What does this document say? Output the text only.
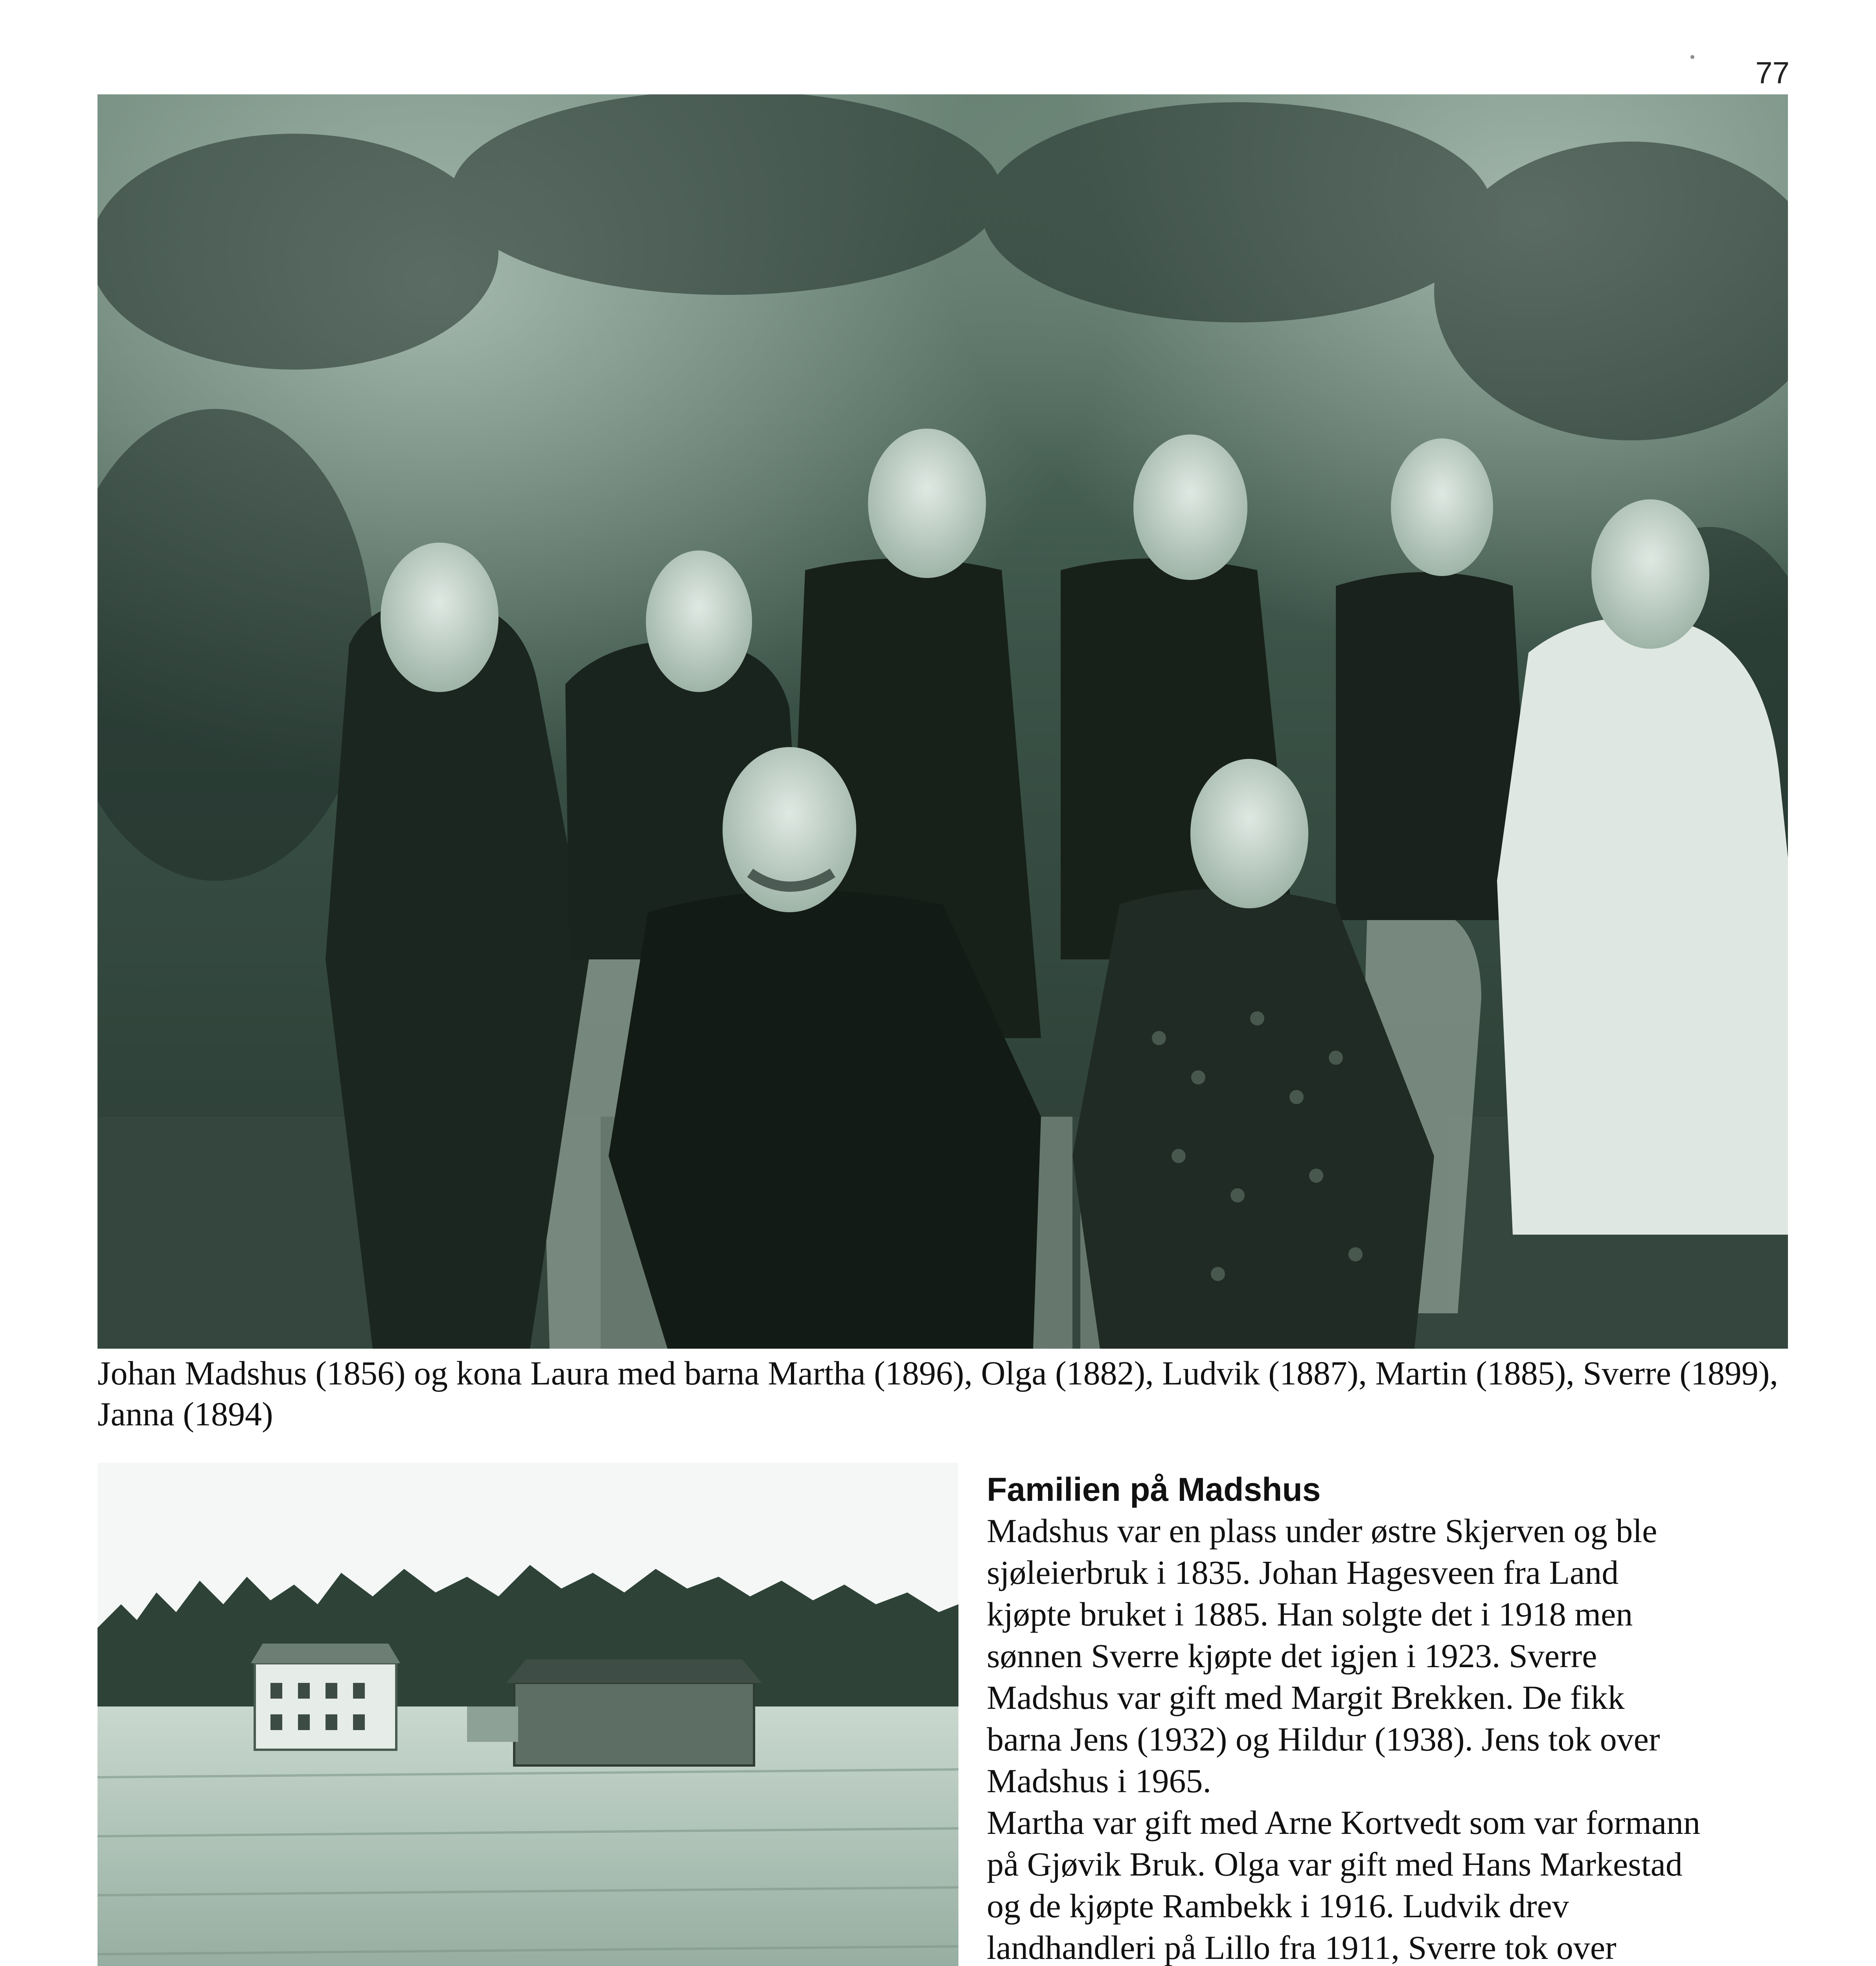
77
Johan Madshus (1856) og kona Laura med barna Martha (1896), Olga (1882), Ludvik (1887), Martin (1885), Sverre (1899), Janna (1894)
Familien på Madshus

Madshus var en plass under østre Skjerven og ble sjøleierbruk i 1835. Johan Hagesveen fra Land kjøpte bruket i 1885. Han solgte det i 1918 men sønnen Sverre kjøpte det igjen i 1923. Sverre Madshus var gift med Margit Brekken. De fikk barna Jens (1932) og Hildur (1938). Jens tok over Madshus i 1965.

Martha var gift med Arne Kortvedt som var formann på Gjøvik Bruk. Olga var gift med Hans Markestad og de kjøpte Rambekk i 1916. Ludvik drev landhandleri på Lillo fra 1911, Sverre tok over
